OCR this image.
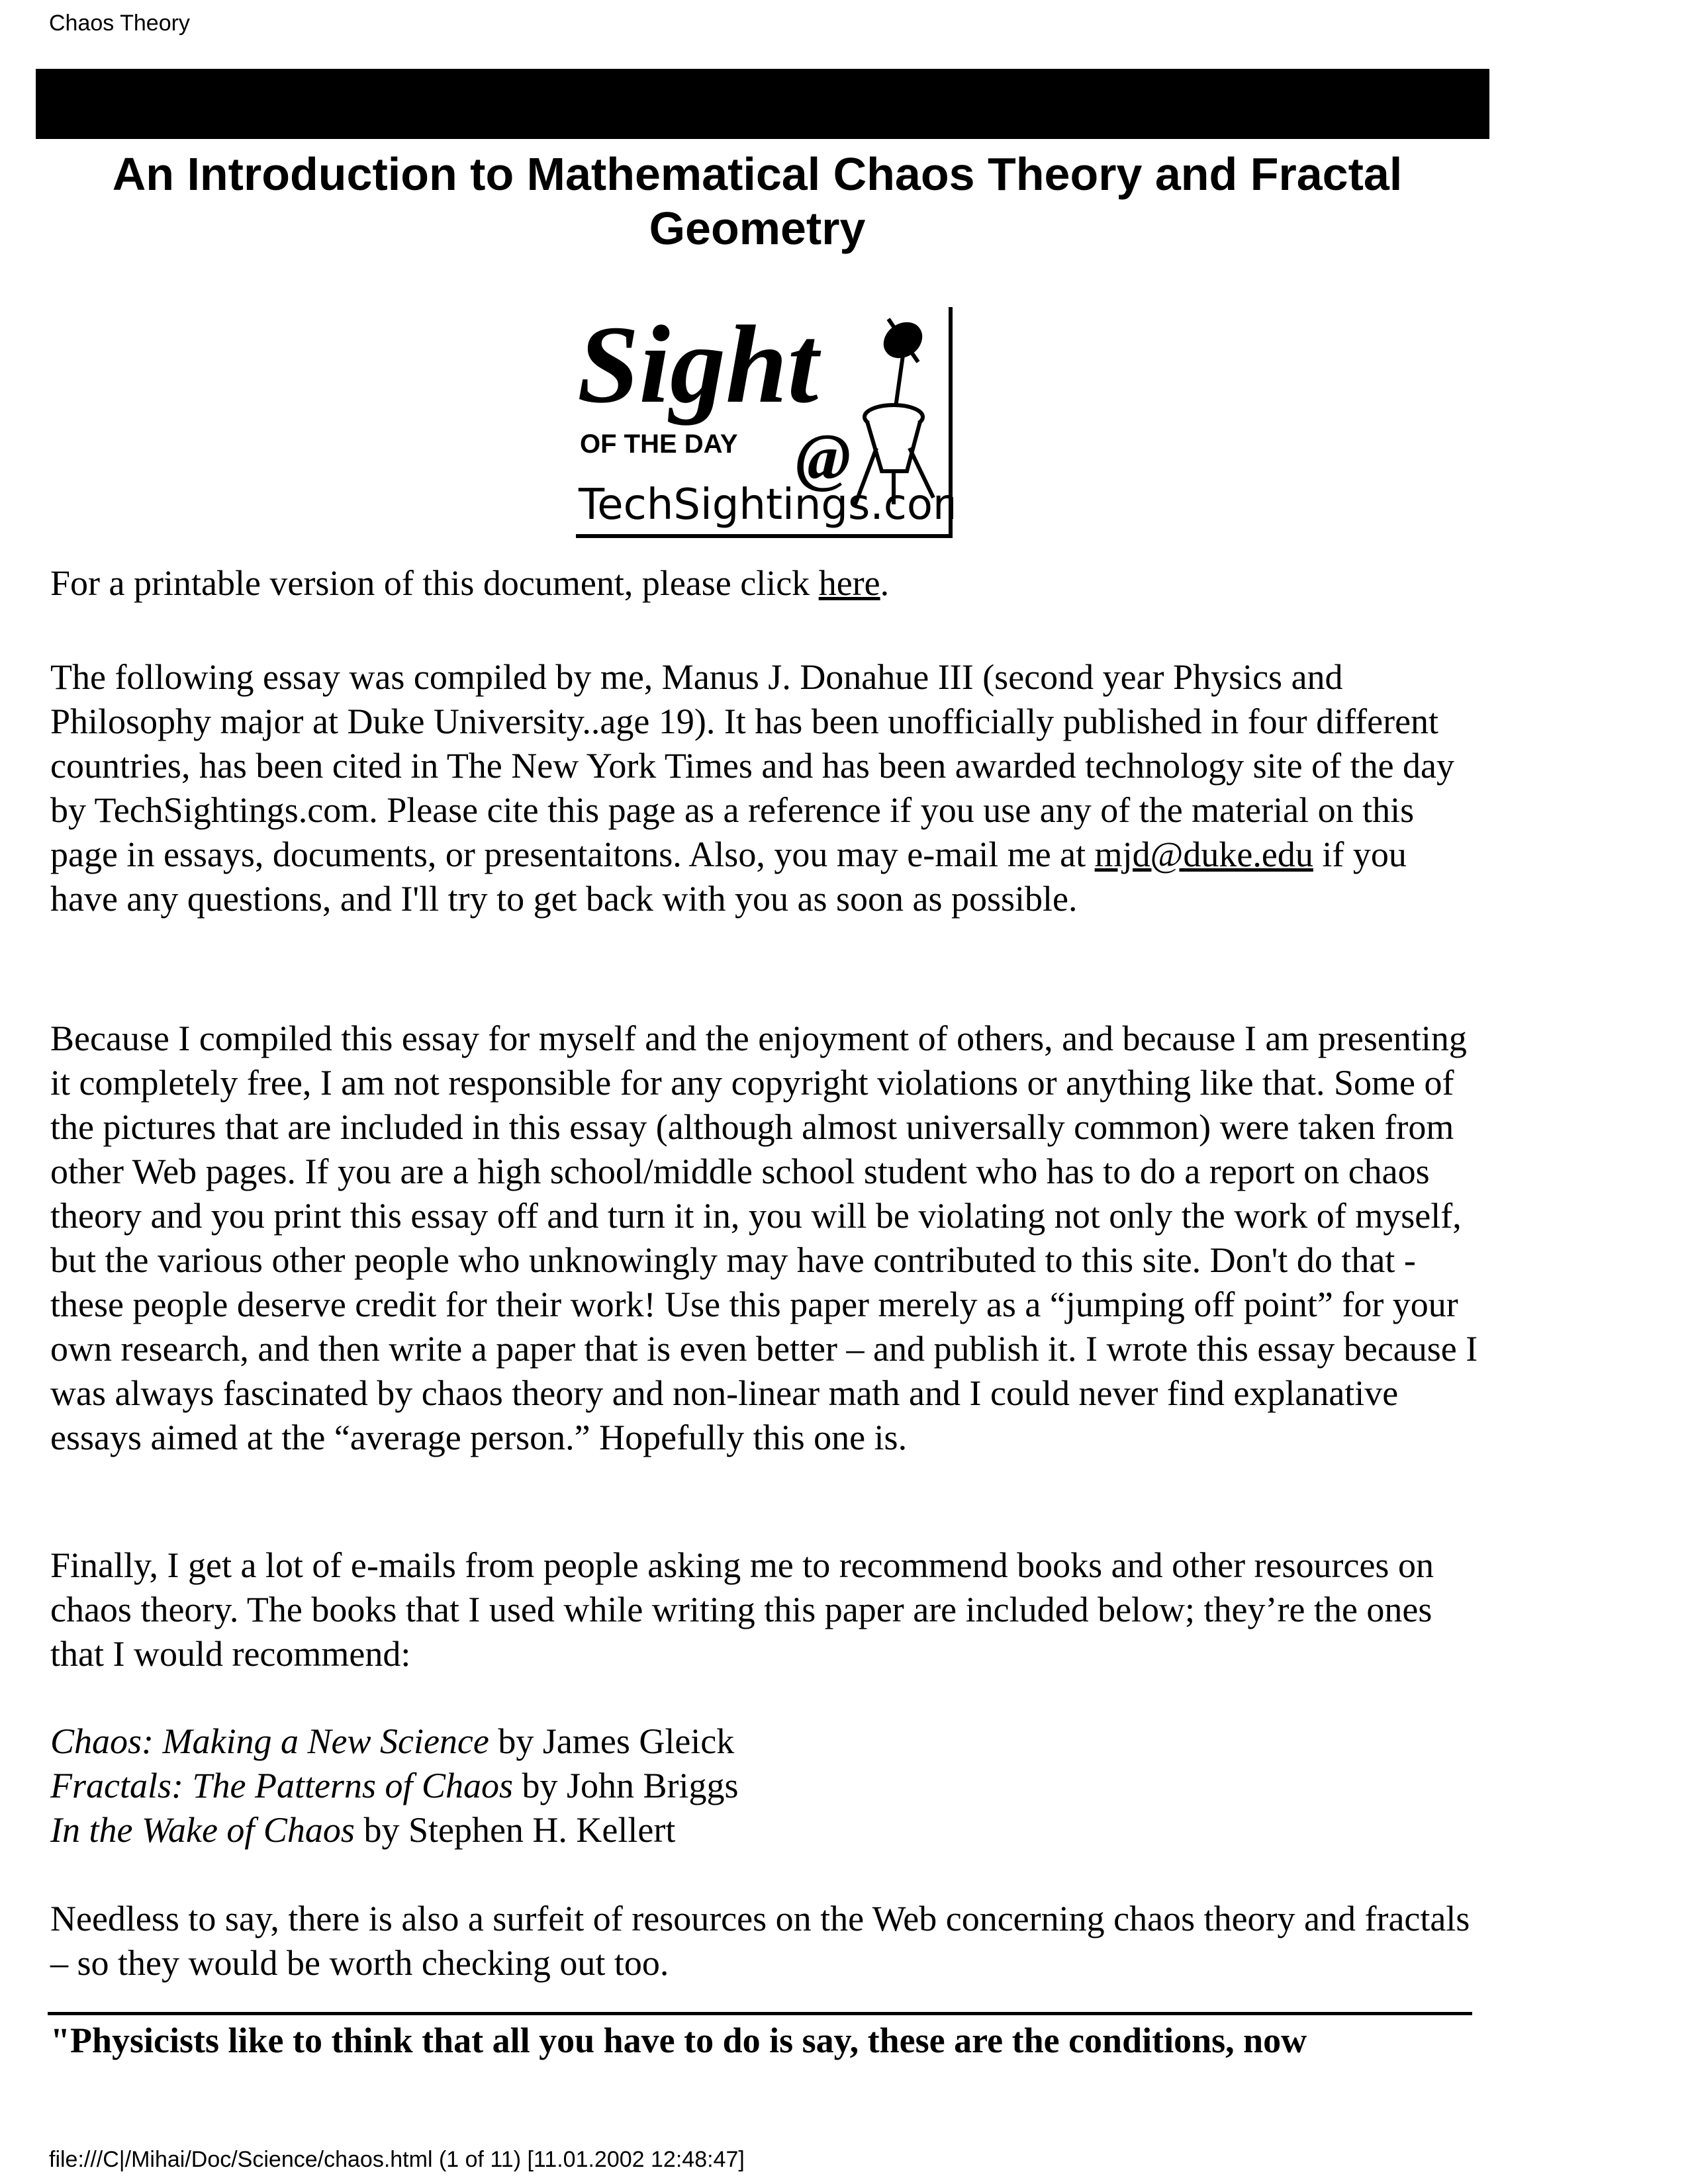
Chaos Theory
An Introduction to Mathematical Chaos Theory and Fractal Geometry
Sight
OF THE DAY @
TechSightings.com

For a printable version of this document, please click here.

The following essay was compiled by me, Manus J. Donahue III (second year Physics and Philosophy major at Duke University..age 19). It has been unofficially published in four different countries, has been cited in The New York Times and has been awarded technology site of the day by TechSightings.com. Please cite this page as a reference if you use any of the material on this page in essays, documents, or presentaitons. Also, you may e-mail me at mjd@duke.edu if you have any questions, and I'll try to get back with you as soon as possible.

Because I compiled this essay for myself and the enjoyment of others, and because I am presenting it completely free, I am not responsible for any copyright violations or anything like that. Some of the pictures that are included in this essay (although almost universally common) were taken from other Web pages. If you are a high school/middle school student who has to do a report on chaos theory and you print this essay off and turn it in, you will be violating not only the work of myself, but the various other people who unknowingly may have contributed to this site. Don't do that - these people deserve credit for their work! Use this paper merely as a “jumping off point” for your own research, and then write a paper that is even better – and publish it. I wrote this essay because I was always fascinated by chaos theory and non-linear math and I could never find explanative essays aimed at the “average person.” Hopefully this one is.

Finally, I get a lot of e-mails from people asking me to recommend books and other resources on chaos theory. The books that I used while writing this paper are included below; they’re the ones that I would recommend:

Chaos: Making a New Science by James Gleick
Fractals: The Patterns of Chaos by John Briggs
In the Wake of Chaos by Stephen H. Kellert

Needless to say, there is also a surfeit of resources on the Web concerning chaos theory and fractals – so they would be worth checking out too.

"Physicists like to think that all you have to do is say, these are the conditions, now

file:///C|/Mihai/Doc/Science/chaos.html (1 of 11) [11.01.2002 12:48:47]
